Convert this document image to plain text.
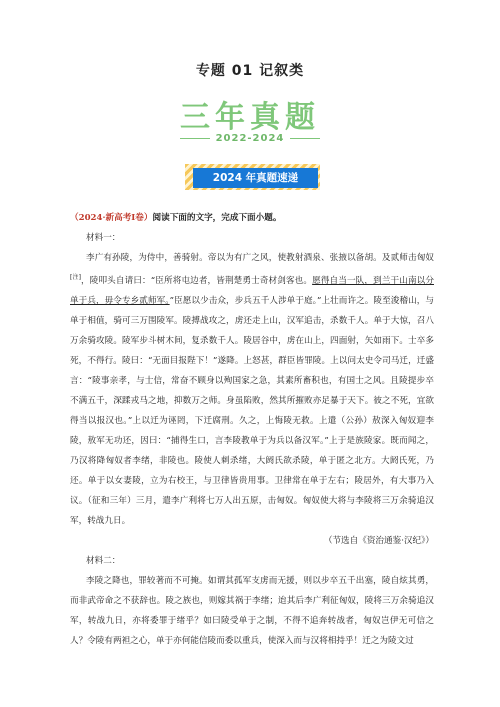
专题 01 记叙类
三年真题
2022-2024
2024 年真题速递

（2024·新高考Ⅰ卷）阅读下面的文字，完成下面小题。

材料一：

李广有孙陵，为侍中，善骑射。帝以为有广之风，使教射酒泉、张掖以备胡。及贰师击匈奴[注]，陵叩头自请曰：“臣所将屯边者，皆荆楚勇士奇材剑客也。愿得自当一队，到兰干山南以分单于兵，毋令专乡贰师军。”臣愿以少击众，步兵五千人涉单于庭。”上壮而许之。陵至浚稽山，与单于相值，骑可三万围陵军。陵搏战攻之，虏还走上山，汉军追击，杀数千人。单于大惊，召八万余骑攻陵。陵军步斗树木间，复杀数千人。陵居谷中，虏在山上，四面射，矢如雨下。士卒多死，不得行。陵曰：“无面目报陛下！”遂降。上怒甚，群臣皆罪陵。上以问太史令司马迁，迁盛言：“陵事亲孝，与士信，常奋不顾身以殉国家之急，其素所畜积也，有国士之风。且陵提步卒不满五千，深蹂戎马之地，抑数万之师。身虽陷败，然其所摧败亦足暴于天下。彼之不死，宜欲得当以报汉也。”上以迁为诬罔，下迁腐刑。久之，上悔陵无救。上遣（公孙）敖深入匈奴迎李陵，敖军无功还，因曰：“捕得生口，言李陵教单于为兵以备汉军。”上于是族陵家。既而闻之，乃汉将降匈奴者李绪，非陵也。陵使人刺杀绪，大阏氏欲杀陵，单于匿之北方。大阏氏死，乃还。单于以女妻陵，立为右校王，与卫律皆贵用事。卫律常在单于左右；陵居外，有大事乃入议。（征和三年）三月，遣李广利将七万人出五原，击匈奴。匈奴使大将与李陵将三万余骑追汉军，转战九日。

（节选自《资治通鉴·汉纪》）

材料二：

李陵之降也，罪较著而不可掩。如谓其孤军支虏而无援，则以步卒五千出塞，陵自炫其勇，而非武帝命之不获辞也。陵之族也，则嫁其祸于李绪；迨其后李广利征匈奴，陵将三万余骑追汉军，转战九日，亦将委罪于绪乎？如曰陵受单于之制，不得不追奔转战者，匈奴岂伊无可信之人？令陵有两袒之心，单于亦何能信陵而委以重兵，使深入而与汉将相持乎！迁之为陵文过
